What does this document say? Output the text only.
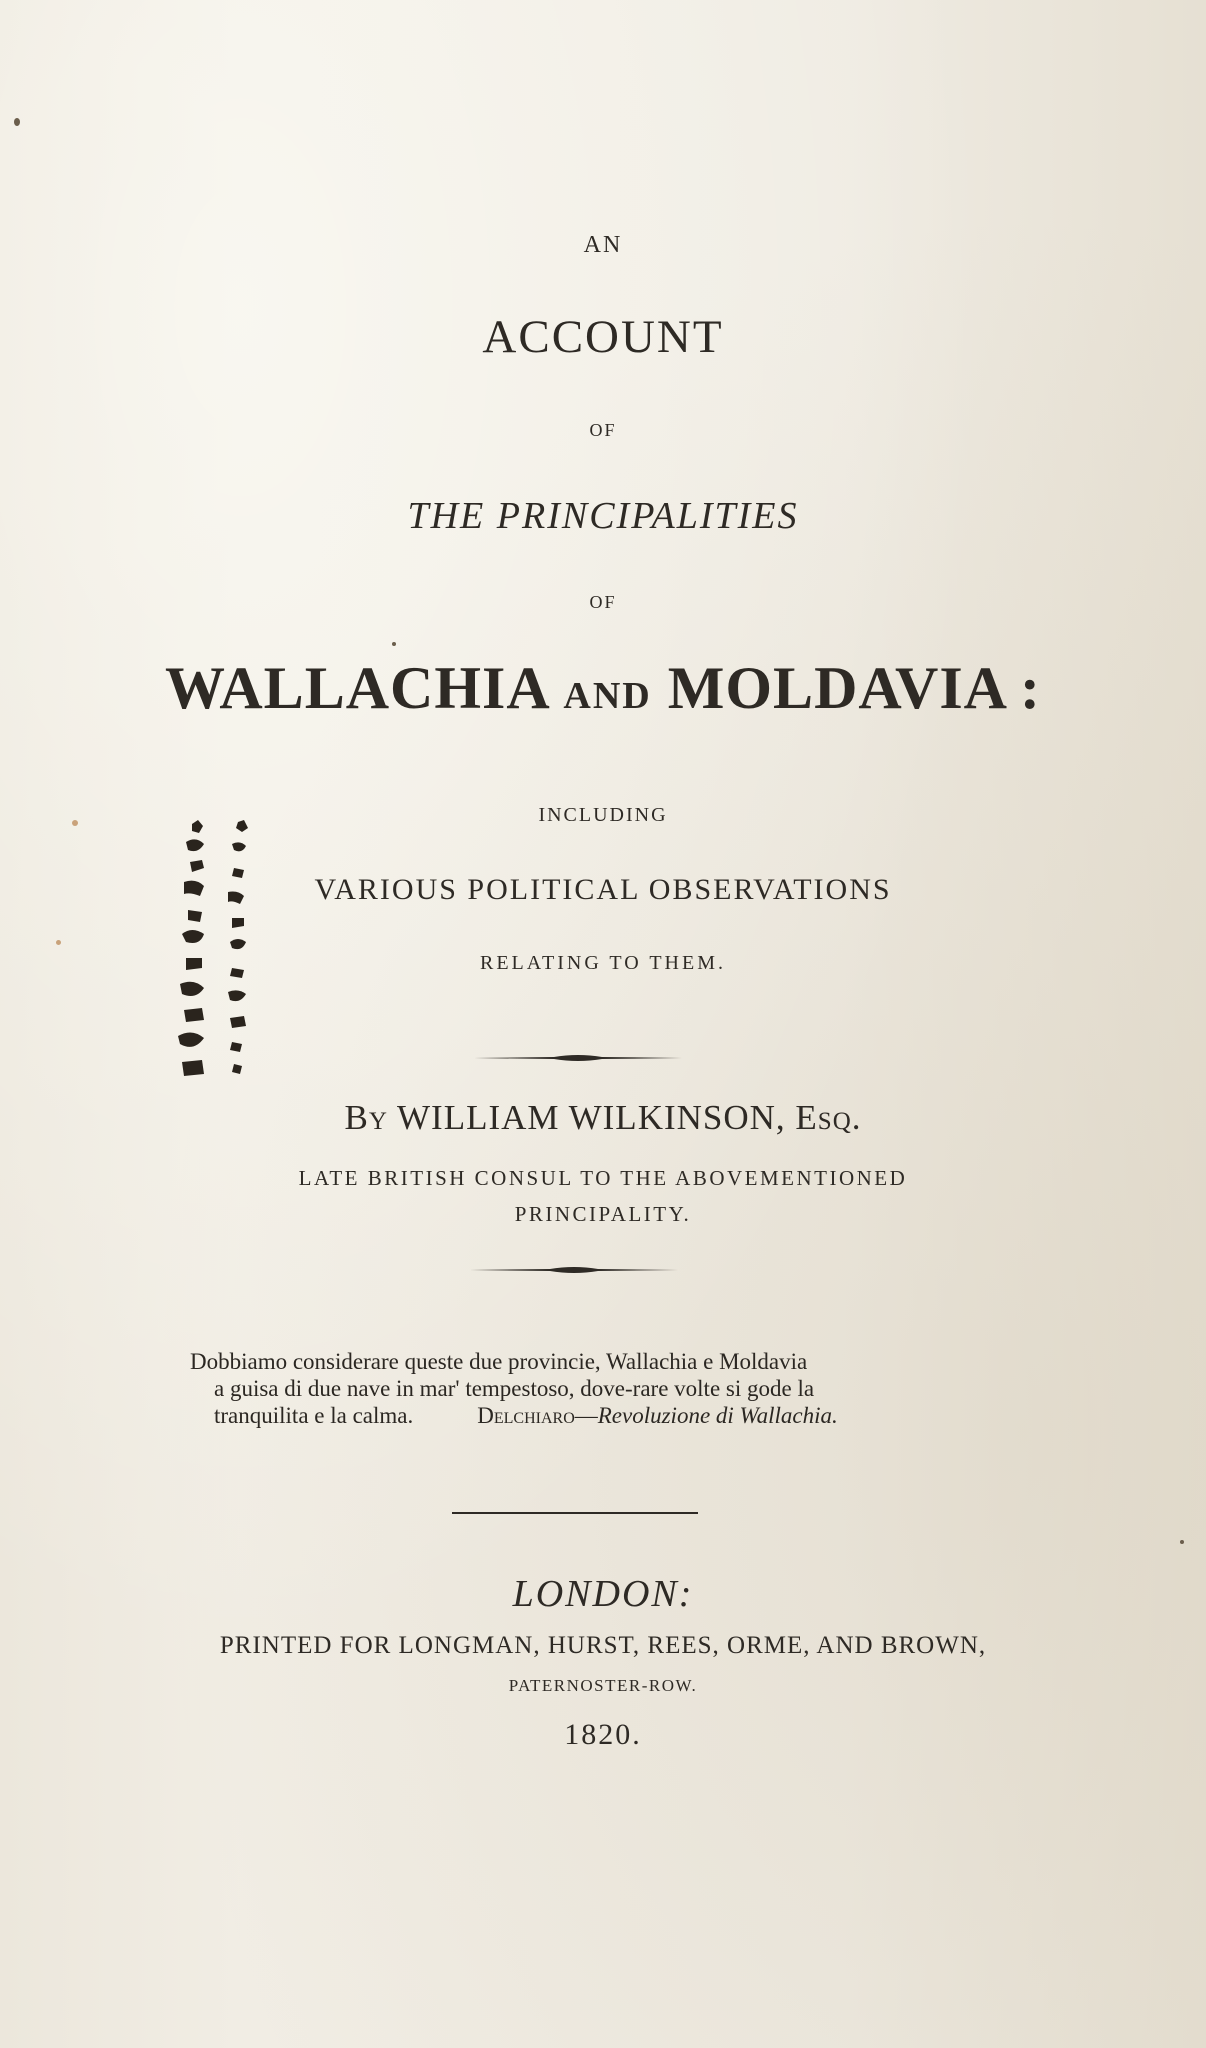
AN
ACCOUNT
OF
THE PRINCIPALITIES
OF
WALLACHIA AND MOLDAVIA :
INCLUDING
VARIOUS POLITICAL OBSERVATIONS
RELATING TO THEM.
By WILLIAM WILKINSON, Esq.
LATE BRITISH CONSUL TO THE ABOVEMENTIONED
PRINCIPALITY.
Dobbiamo considerare queste due provincie, Wallachia e Moldavia
a guisa di due nave in mar' tempestoso, dove-rare volte si gode la
tranquilita e la calma.	Delchiaro—Revoluzione di Wallachia.
LONDON:
PRINTED FOR LONGMAN, HURST, REES, ORME, AND BROWN,
PATERNOSTER-ROW.
1820.
